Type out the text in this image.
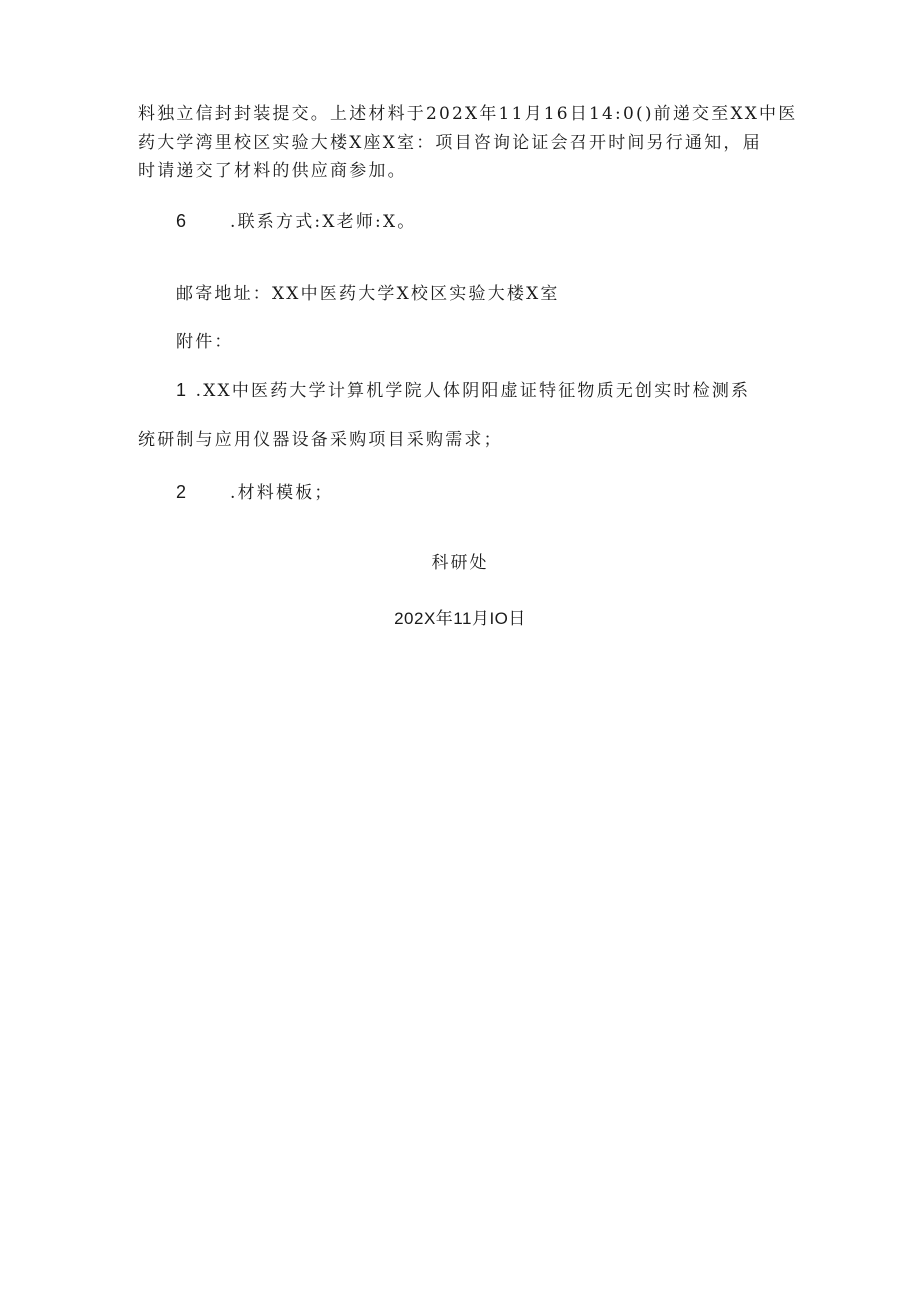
料独立信封封装提交。上述材料于202X年11月16日14:0()前递交至XX中医
药大学湾里校区实验大楼X座X室：项目咨询论证会召开时间另行通知，届
时请递交了材料的供应商参加。
6	.联系方式:X老师:X。
邮寄地址：XX中医药大学X校区实验大楼X室
附件：
1 .XX中医药大学计算机学院人体阴阳虚证特征物质无创实时检测系
统研制与应用仪器设备采购项目采购需求；
2	.材料模板；
科研处
202X年11月IO日
